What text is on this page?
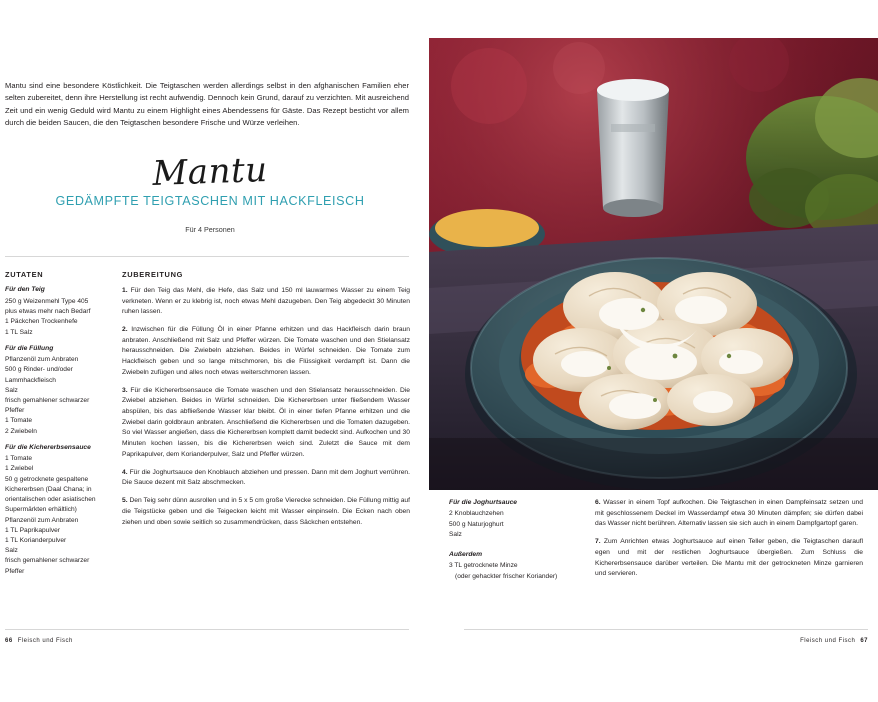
Mantu sind eine besondere Köstlichkeit. Die Teigtaschen werden allerdings selbst in den afghanischen Familien eher selten zubereitet, denn ihre Herstellung ist recht aufwendig. Dennoch kein Grund, darauf zu verzichten. Mit ausreichend Zeit und ein wenig Geduld wird Mantu zu einem Highlight eines Abendessens für Gäste. Das Rezept besticht vor allem durch die beiden Saucen, die den Teigtaschen besondere Frische und Würze verleihen.
Mantu
GEDÄMPFTE TEIGTASCHEN MIT HACKFLEISCH
Für 4 Personen
ZUTATEN
Für den Teig
250 g Weizenmehl Type 405
plus etwas mehr nach Bedarf
1 Päckchen Trockenhefe
1 TL Salz
Für die Füllung
Pflanzenöl zum Anbraten
500 g Rinder- und/oder Lammhackfleisch
Salz
frisch gemahlener schwarzer Pfeffer
1 Tomate
2 Zwiebeln
Für die Kichererbsensauce
1 Tomate
1 Zwiebel
50 g getrocknete gespaltene Kichererbsen (Daal Chana; in orientalischen oder asiatischen Supermärkten erhältlich)
Pflanzenöl zum Anbraten
1 TL Paprikapulver
1 TL Korianderpulver
Salz
frisch gemahlener schwarzer Pfeffer
ZUBEREITUNG
1. Für den Teig das Mehl, die Hefe, das Salz und 150 ml lauwarmes Wasser zu einem Teig verkneten. Wenn er zu klebrig ist, noch etwas Mehl dazugeben. Den Teig abgedeckt 30 Minuten ruhen lassen.
2. Inzwischen für die Füllung Öl in einer Pfanne erhitzen und das Hackfleisch darin braun anbraten. Anschließend mit Salz und Pfeffer würzen. Die Tomate waschen und den Stielansatz herausschneiden. Die Zwiebeln abziehen. Beides in Würfel schneiden. Die Tomate zum Hackfleisch geben und so lange mitschmoren, bis die Flüssigkeit verdampft ist. Dann die Zwiebeln zufügen und alles noch etwas weiterschmoren lassen.
3. Für die Kichererbsensauce die Tomate waschen und den Stielansatz herausschneiden. Die Zwiebel abziehen. Beides in Würfel schneiden. Die Kichererbsen unter fließendem Wasser abspülen, bis das abfließende Wasser klar bleibt. Öl in einer tiefen Pfanne erhitzen und die Zwiebel darin goldbraun anbraten. Anschließend die Kichererbsen und die Tomaten dazugeben. So viel Wasser angießen, dass die Kichererbsen komplett damit bedeckt sind. Aufkochen und 30 Minuten kochen lassen, bis die Kichererbsen weich sind. Zuletzt die Sauce mit dem Paprikapulver, dem Korianderpulver, Salz und Pfeffer würzen.
4. Für die Joghurtsauce den Knoblauch abziehen und pressen. Dann mit dem Joghurt verrühren. Die Sauce dezent mit Salz abschmecken.
5. Den Teig sehr dünn ausrollen und in 5 x 5 cm große Vierecke schneiden. Die Füllung mittig auf die Teigstücke geben und die Teigecken leicht mit Wasser einpinseln. Die Ecken nach oben ziehen und oben sowie seitlich so zusammendrücken, dass Säckchen entstehen.
66 Fleisch und Fisch
Für die Joghurtsauce
2 Knoblauchzehen
500 g Naturjoghurt
Salz
Außerdem
3 TL getrocknete Minze
(oder gehackter frischer Koriander)
6. Wasser in einem Topf aufkochen. Die Teigtaschen in einen Dampfeinsatz setzen und mit geschlossenem Deckel im Wasserdampf etwa 30 Minuten dämpfen; sie dürfen dabei das Wasser nicht berühren. Alternativ lassen sie sich auch in einem Dampfgartopf garen.
7. Zum Anrichten etwas Joghurtsauce auf einen Teller geben, die Teigtaschen daraufl egen und mit der restlichen Joghurtsauce übergießen. Zum Schluss die Kichererbsensauce darüber verteilen. Die Mantu mit der getrockneten Minze garnieren und servieren.
Fleisch und Fisch 67
